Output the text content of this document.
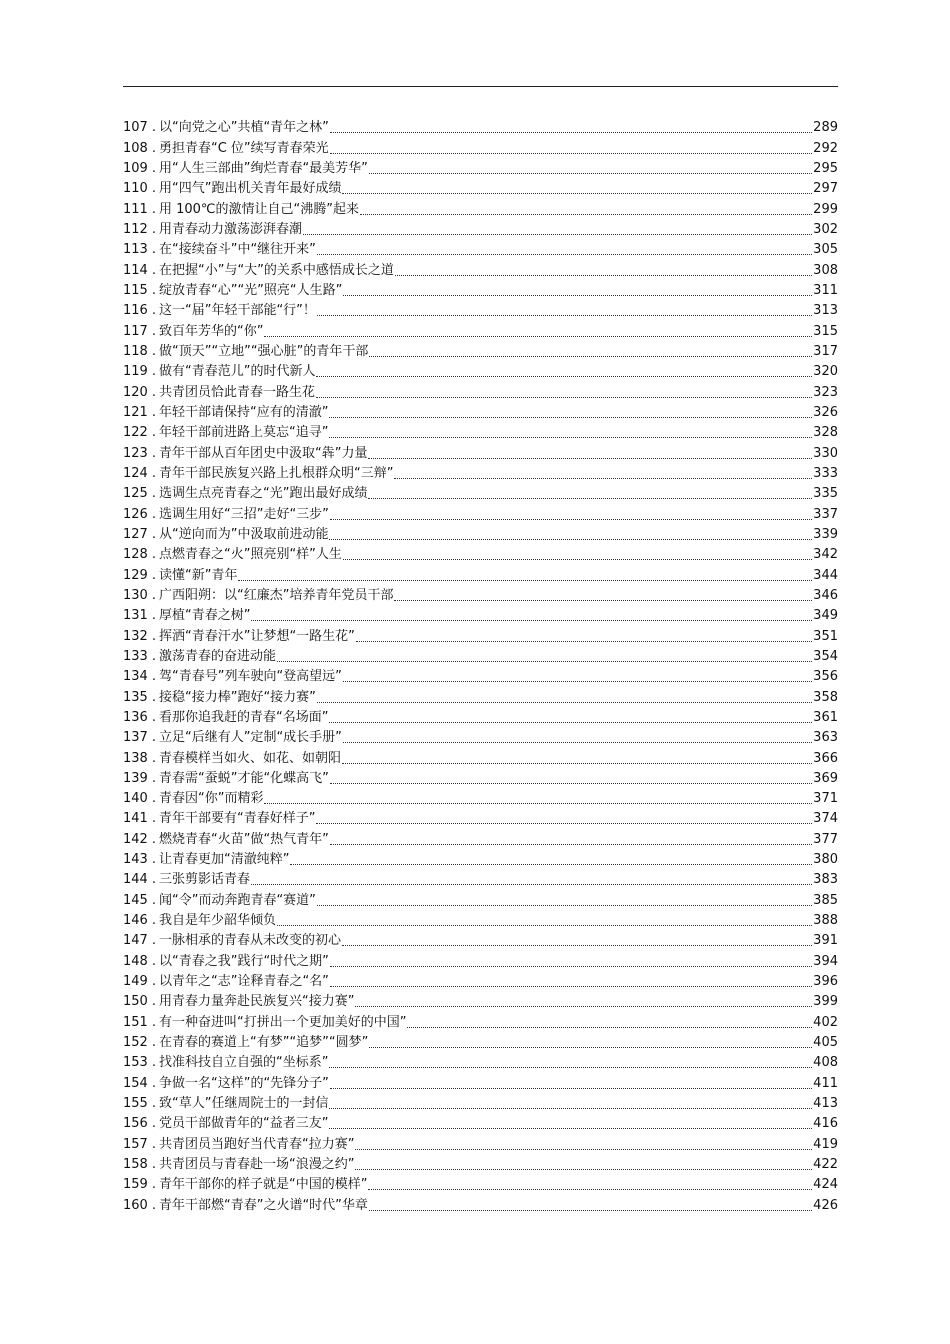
107 . 以“向党之心”共植“青年之林”	289
108 . 勇担青春“C 位”续写青春荣光	292
109 . 用“人生三部曲”绚烂青春“最美芳华”	295
110 . 用“四气”跑出机关青年最好成绩	297
111 . 用 100℃的激情让自己“沸腾”起来	299
112 . 用青春动力激荡澎湃春潮	302
113 . 在“接续奋斗”中“继往开来”	305
114 . 在把握“小”与“大”的关系中感悟成长之道	308
115 . 绽放青春“心”“光”照亮“人生路”	311
116 . 这一“届”年轻干部能“行”！	313
117 . 致百年芳华的“你”	315
118 . 做“顶天”“立地”“强心脏”的青年干部	317
119 . 做有“青春范儿”的时代新人	320
120 . 共青团员恰此青春一路生花	323
121 . 年轻干部请保持“应有的清澈”	326
122 . 年轻干部前进路上莫忘“追寻”	328
123 . 青年干部从百年团史中汲取“犇”力量	330
124 . 青年干部民族复兴路上扎根群众明“三辩”	333
125 . 选调生点亮青春之“光”跑出最好成绩	335
126 . 选调生用好“三招”走好“三步”	337
127 . 从“逆向而为”中汲取前进动能	339
128 . 点燃青春之“火”照亮别“样”人生	342
129 . 读懂“新”青年	344
130 . 广西阳朔：以“红廉杰”培养青年党员干部	346
131 . 厚植“青春之树”	349
132 . 挥洒“青春汗水”让梦想“一路生花”	351
133 . 激荡青春的奋进动能	354
134 . 驾“青春号”列车驶向“登高望远”	356
135 . 接稳“接力棒”跑好“接力赛”	358
136 . 看那你追我赶的青春“名场面”	361
137 . 立足“后继有人”定制“成长手册”	363
138 . 青春模样当如火、如花、如朝阳	366
139 . 青春需“蚕蜕”才能“化蝶高飞”	369
140 . 青春因“你”而精彩	371
141 . 青年干部要有“青春好样子”	374
142 . 燃烧青春“火苗”做“热气青年”	377
143 . 让青春更加“清澈纯粹”	380
144 . 三张剪影话青春	383
145 . 闻“令”而动奔跑青春“赛道”	385
146 . 我自是年少韶华倾负	388
147 . 一脉相承的青春从未改变的初心	391
148 . 以“青春之我”践行“时代之期”	394
149 . 以青年之“志”诠释青春之“名”	396
150 . 用青春力量奔赴民族复兴“接力赛”	399
151 . 有一种奋进叫“打拼出一个更加美好的中国”	402
152 . 在青春的赛道上“有梦”“追梦”“圆梦”	405
153 . 找准科技自立自强的“坐标系”	408
154 . 争做一名“这样”的“先锋分子”	411
155 . 致“草人”任继周院士的一封信	413
156 . 党员干部做青年的“益者三友”	416
157 . 共青团员当跑好当代青春“拉力赛”	419
158 . 共青团员与青春赴一场“浪漫之约”	422
159 . 青年干部你的样子就是“中国的模样”	424
160 . 青年干部燃“青春”之火谱“时代”华章	426
